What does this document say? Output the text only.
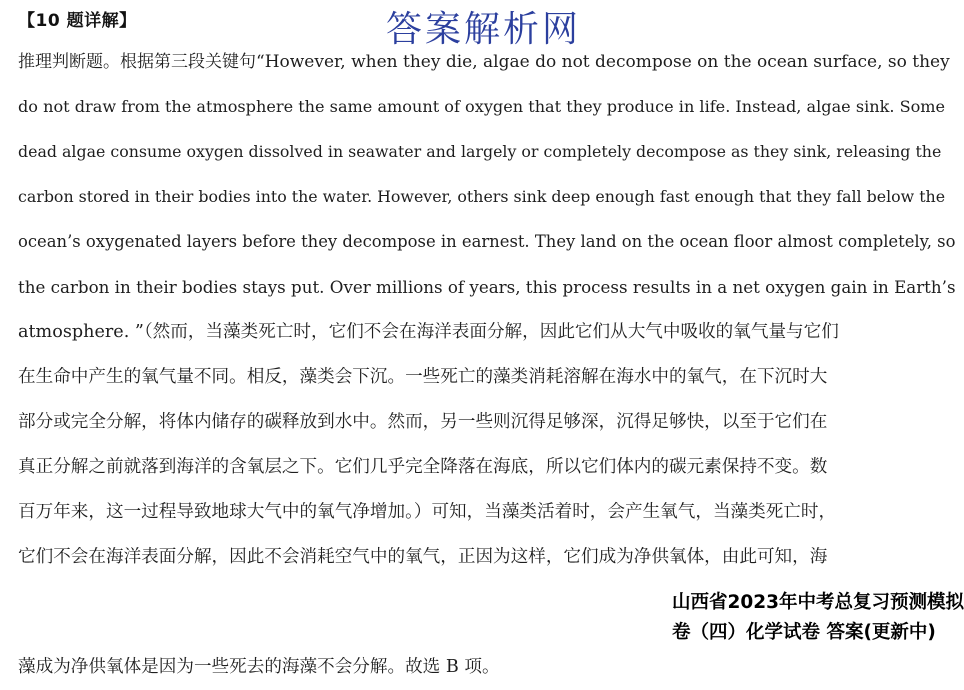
【10 题详解】	答案解析网
推理判断题。根据第三段关键句“However, when they die, algae do not decompose on the ocean surface, so they
do not draw from the atmosphere the same amount of oxygen that they produce in life. Instead, algae sink. Some
dead algae consume oxygen dissolved in seawater and largely or completely decompose as they sink, releasing the
carbon stored in their bodies into the water. However, others sink deep enough fast enough that they fall below the
ocean’s oxygenated layers before they decompose in earnest. They land on the ocean floor almost completely, so
the carbon in their bodies stays put. Over millions of years, this process results in a net oxygen gain in Earth’s
atmosphere. ”（然而，当藻类死亡时，它们不会在海洋表面分解，因此它们从大气中吸收的氧气量与它们
在生命中产生的氧气量不同。相反，藻类会下沉。一些死亡的藻类消耗溶解在海水中的氧气，在下沉时大
部分或完全分解，将体内储存的碳释放到水中。然而，另一些则沉得足够深，沉得足够快，以至于它们在
真正分解之前就落到海洋的含氧层之下。它们几乎完全降落在海底，所以它们体内的碳元素保持不变。数
百万年来，这一过程导致地球大气中的氧气净增加。）可知，当藻类活着时，会产生氧气，当藻类死亡时，
它们不会在海洋表面分解，因此不会消耗空气中的氧气，正因为这样，它们成为净供氧体，由此可知，海
藻成为净供氧体是因为一些死去的海藻不会分解。故选 B 项。
山西省2023年中考总复习预测模拟卷（四）化学试卷 答案(更新中)
